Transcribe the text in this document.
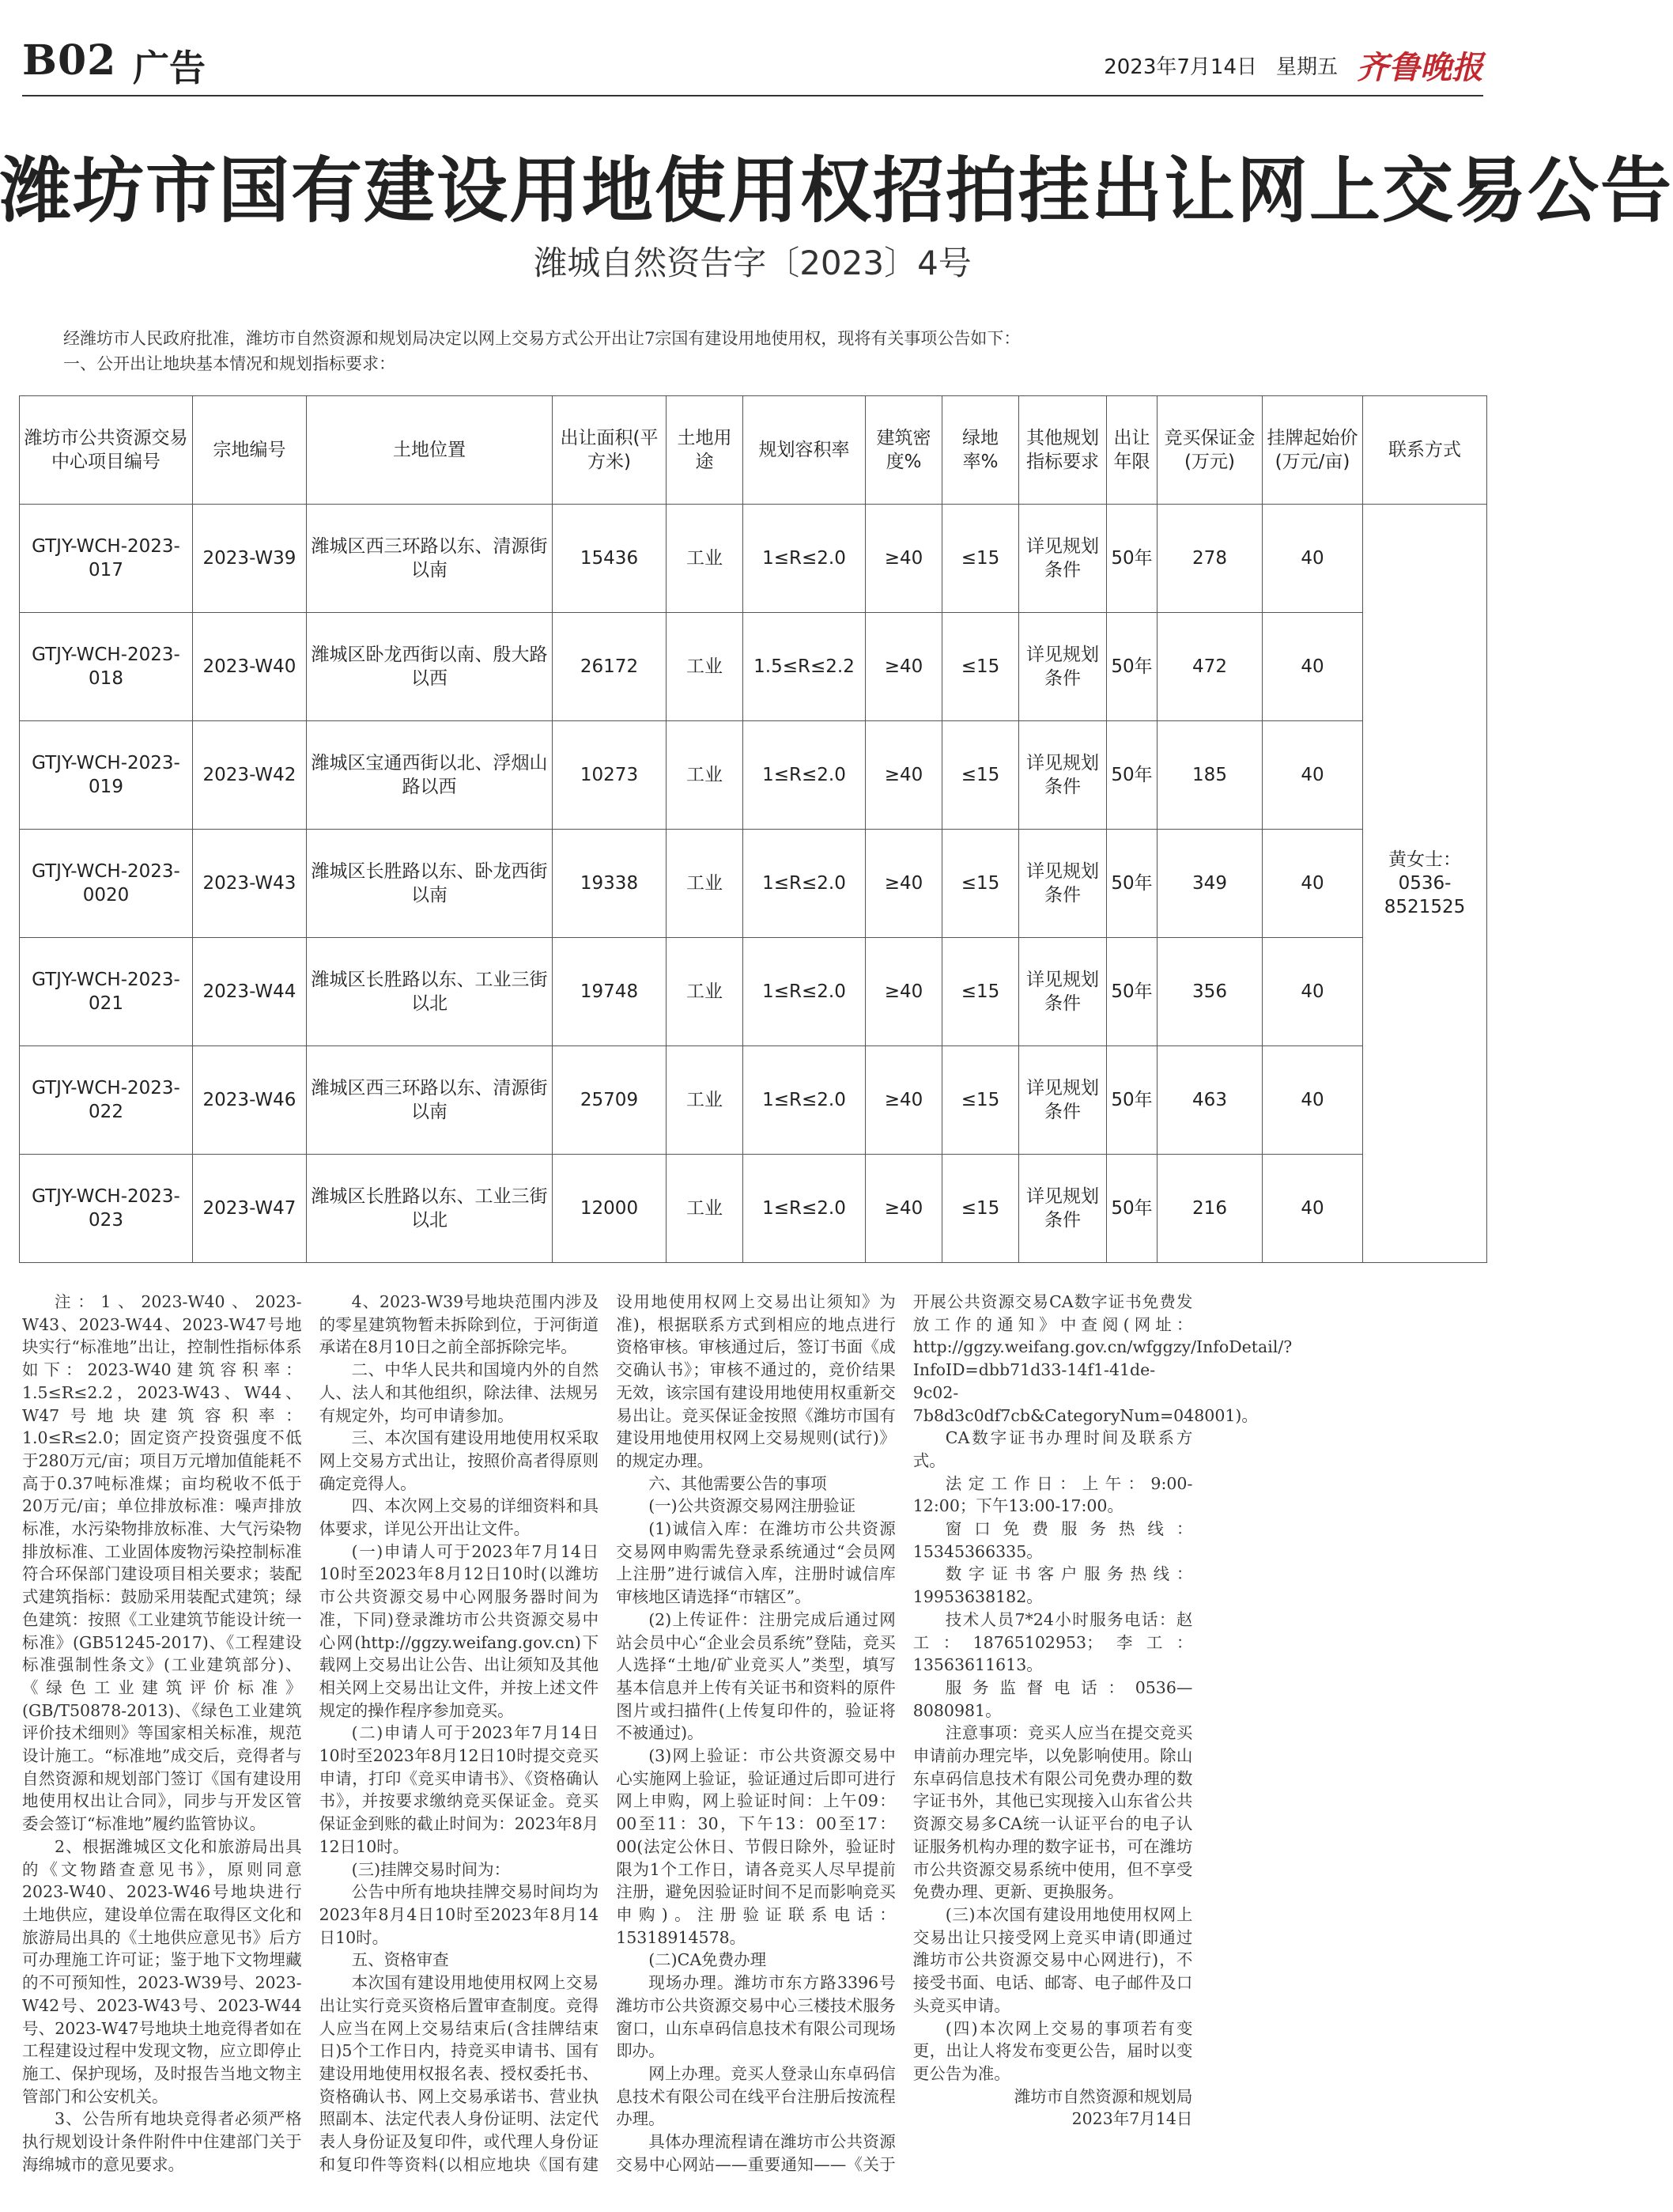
B02 广告	2023年7月14日 星期五 齐鲁晚报
潍坊市国有建设用地使用权招拍挂出让网上交易公告
潍城自然资告字〔2023〕4号
经潍坊市人民政府批准，潍坊市自然资源和规划局决定以网上交易方式公开出让7宗国有建设用地使用权，现将有关事项公告如下：
一、公开出让地块基本情况和规划指标要求：
潍坊市公共资源交易中心项目编号	宗地编号	土地位置	出让面积(平方米)	土地用途	规划容积率	建筑密度%	绿地率%	其他规划指标要求	出让年限	竞买保证金(万元)	挂牌起始价(万元/亩)	联系方式
GTJY-WCH-2023-017	2023-W39	潍城区西三环路以东、清源街以南	15436	工业	1≤R≤2.0	≥40	≤15	详见规划条件	50年	278	40	黄女士：0536-8521525
GTJY-WCH-2023-018	2023-W40	潍城区卧龙西街以南、殷大路以西	26172	工业	1.5≤R≤2.2	≥40	≤15	详见规划条件	50年	472	40	
GTJY-WCH-2023-019	2023-W42	潍城区宝通西街以北、浮烟山路以西	10273	工业	1≤R≤2.0	≥40	≤15	详见规划条件	50年	185	40	
GTJY-WCH-2023-0020	2023-W43	潍城区长胜路以东、卧龙西街以南	19338	工业	1≤R≤2.0	≥40	≤15	详见规划条件	50年	349	40	
GTJY-WCH-2023-021	2023-W44	潍城区长胜路以东、工业三街以北	19748	工业	1≤R≤2.0	≥40	≤15	详见规划条件	50年	356	40	
GTJY-WCH-2023-022	2023-W46	潍城区西三环路以东、清源街以南	25709	工业	1≤R≤2.0	≥40	≤15	详见规划条件	50年	463	40	
GTJY-WCH-2023-023	2023-W47	潍城区长胜路以东、工业三街以北	12000	工业	1≤R≤2.0	≥40	≤15	详见规划条件	50年	216	40	

注：1、2023-W40、2023-W43、2023-W44、2023-W47号地块实行“标准地”出让，控制性指标体系如下：2023-W40建筑容积率：1.5≤R≤2.2，2023-W43、W44、W47号地块建筑容积率：1.0≤R≤2.0；固定资产投资强度不低于280万元/亩；项目万元增加值能耗不高于0.37吨标准煤；亩均税收不低于20万元/亩；单位排放标准：噪声排放标准，水污染物排放标准、大气污染物排放标准、工业固体废物污染控制标准符合环保部门建设项目相关要求；装配式建筑指标：鼓励采用装配式建筑；绿色建筑：按照《工业建筑节能设计统一标准》(GB51245-2017)、《工程建设标准强制性条文》(工业建筑部分)、《绿色工业建筑评价标准》(GB/T50878-2013)、《绿色工业建筑评价技术细则》等国家相关标准，规范设计施工。“标准地”成交后，竞得者与自然资源和规划部门签订《国有建设用地使用权出让合同》，同步与开发区管委会签订“标准地”履约监管协议。

2、根据潍城区文化和旅游局出具的《文物踏查意见书》，原则同意2023-W40、2023-W46号地块进行土地供应，建设单位需在取得区文化和旅游局出具的《土地供应意见书》后方可办理施工许可证；鉴于地下文物埋藏的不可预知性，2023-W39号、2023-W42号、2023-W43号、2023-W44号、2023-W47号地块土地竞得者如在工程建设过程中发现文物，应立即停止施工、保护现场，及时报告当地文物主管部门和公安机关。

3、公告所有地块竞得者必须严格执行规划设计条件附件中住建部门关于海绵城市的意见要求。

4、2023-W39号地块范围内涉及的零星建筑物暂未拆除到位，于河街道承诺在8月10日之前全部拆除完毕。

二、中华人民共和国境内外的自然人、法人和其他组织，除法律、法规另有规定外，均可申请参加。

三、本次国有建设用地使用权采取网上交易方式出让，按照价高者得原则确定竞得人。

四、本次网上交易的详细资料和具体要求，详见公开出让文件。

(一)申请人可于2023年7月14日10时至2023年8月12日10时(以潍坊市公共资源交易中心网服务器时间为准，下同)登录潍坊市公共资源交易中心网(http://ggzy.weifang.gov.cn)下载网上交易出让公告、出让须知及其他相关网上交易出让文件，并按上述文件规定的操作程序参加竞买。

(二)申请人可于2023年7月14日10时至2023年8月12日10时提交竞买申请，打印《竞买申请书》、《资格确认书》，并按要求缴纳竞买保证金。竞买保证金到账的截止时间为：2023年8月12日10时。

(三)挂牌交易时间为：

公告中所有地块挂牌交易时间均为2023年8月4日10时至2023年8月14日10时。

五、资格审查

本次国有建设用地使用权网上交易出让实行竞买资格后置审查制度。竞得人应当在网上交易结束后(含挂牌结束日)5个工作日内，持竞买申请书、国有建设用地使用权报名表、授权委托书、资格确认书、网上交易承诺书、营业执照副本、法定代表人身份证明、法定代表人身份证及复印件，或代理人身份证和复印件等资料(以相应地块《国有建设用地使用权网上交易出让须知》为准)，根据联系方式到相应的地点进行资格审核。审核通过后，签订书面《成交确认书》；审核不通过的，竞价结果无效，该宗国有建设用地使用权重新交易出让。竞买保证金按照《潍坊市国有建设用地使用权网上交易规则(试行)》的规定办理。

六、其他需要公告的事项

(一)公共资源交易网注册验证

(1)诚信入库：在潍坊市公共资源交易网申购需先登录系统通过“会员网上注册”进行诚信入库，注册时诚信库审核地区请选择“市辖区”。

(2)上传证件：注册完成后通过网站会员中心“企业会员系统”登陆，竞买人选择“土地/矿业竞买人”类型，填写基本信息并上传有关证书和资料的原件图片或扫描件(上传复印件的，验证将不被通过)。

(3)网上验证：市公共资源交易中心实施网上验证，验证通过后即可进行网上申购，网上验证时间：上午09：00至11：30，下午13：00至17：00(法定公休日、节假日除外，验证时限为1个工作日，请各竞买人尽早提前注册，避免因验证时间不足而影响竞买申购)。注册验证联系电话：15318914578。

(二)CA免费办理

现场办理。潍坊市东方路3396号潍坊市公共资源交易中心三楼技术服务窗口，山东卓码信息技术有限公司现场即办。

网上办理。竞买人登录山东卓码信息技术有限公司在线平台注册后按流程办理。

具体办理流程请在潍坊市公共资源交易中心网站——重要通知——《关于开展公共资源交易CA数字证书免费发放工作的通知》中查阅(网址：http://ggzy.weifang.gov.cn/wfggzy/InfoDetail/?InfoID=dbb71d33-14f1-41de-9c02-7b8d3c0df7cb&CategoryNum=048001)。

CA数字证书办理时间及联系方式。

法定工作日：上午：9:00-12:00；下午13:00-17:00。

窗口免费服务热线：15345366335。

数字证书客户服务热线：19953638182。

技术人员7*24小时服务电话：赵工：18765102953；李工：13563611613。

服务监督电话：0536—8080981。

注意事项：竞买人应当在提交竞买申请前办理完毕，以免影响使用。除山东卓码信息技术有限公司免费办理的数字证书外，其他已实现接入山东省公共资源交易多CA统一认证平台的电子认证服务机构办理的数字证书，可在潍坊市公共资源交易系统中使用，但不享受免费办理、更新、更换服务。

(三)本次国有建设用地使用权网上交易出让只接受网上竞买申请(即通过潍坊市公共资源交易中心网进行)，不接受书面、电话、邮寄、电子邮件及口头竞买申请。

(四)本次网上交易的事项若有变更，出让人将发布变更公告，届时以变更公告为准。

潍坊市自然资源和规划局

2023年7月14日
